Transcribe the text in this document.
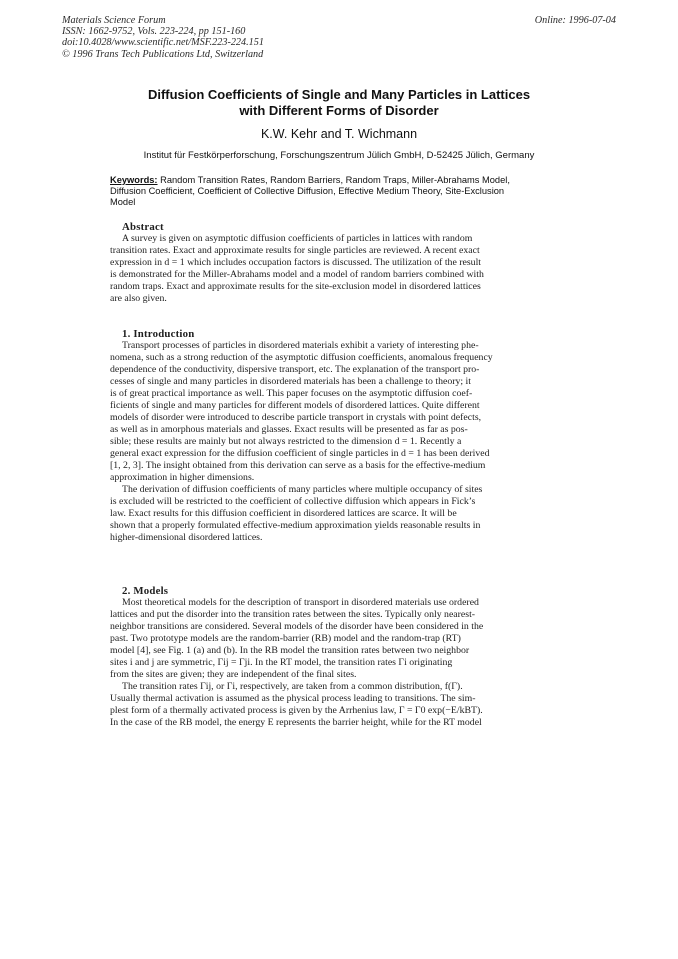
Materials Science Forum
ISSN: 1662-9752, Vols. 223-224, pp 151-160
doi:10.4028/www.scientific.net/MSF.223-224.151
© 1996 Trans Tech Publications Ltd, Switzerland
Online: 1996-07-04
Diffusion Coefficients of Single and Many Particles in Lattices
with Different Forms of Disorder
K.W. Kehr and T. Wichmann
Institut für Festkörperforschung, Forschungszentrum Jülich GmbH, D-52425 Jülich, Germany
Keywords: Random Transition Rates, Random Barriers, Random Traps, Miller-Abrahams Model,
Diffusion Coefficient, Coefficient of Collective Diffusion, Effective Medium Theory, Site-Exclusion
Model
Abstract
A survey is given on asymptotic diffusion coefficients of particles in lattices with random
transition rates. Exact and approximate results for single particles are reviewed. A recent exact
expression in d = 1 which includes occupation factors is discussed. The utilization of the result
is demonstrated for the Miller-Abrahams model and a model of random barriers combined with
random traps. Exact and approximate results for the site-exclusion model in disordered lattices
are also given.
1. Introduction
Transport processes of particles in disordered materials exhibit a variety of interesting phe-
nomena, such as a strong reduction of the asymptotic diffusion coefficients, anomalous frequency
dependence of the conductivity, dispersive transport, etc. The explanation of the transport pro-
cesses of single and many particles in disordered materials has been a challenge to theory; it
is of great practical importance as well. This paper focuses on the asymptotic diffusion coef-
ficients of single and many particles for different models of disordered lattices. Quite different
models of disorder were introduced to describe particle transport in crystals with point defects,
as well as in amorphous materials and glasses. Exact results will be presented as far as pos-
sible; these results are mainly but not always restricted to the dimension d = 1. Recently a
general exact expression for the diffusion coefficient of single particles in d = 1 has been derived
[1, 2, 3]. The insight obtained from this derivation can serve as a basis for the effective-medium
approximation in higher dimensions.
The derivation of diffusion coefficients of many particles where multiple occupancy of sites
is excluded will be restricted to the coefficient of collective diffusion which appears in Fick’s
law. Exact results for this diffusion coefficient in disordered lattices are scarce. It will be
shown that a properly formulated effective-medium approximation yields reasonable results in
higher-dimensional disordered lattices.
2. Models
Most theoretical models for the description of transport in disordered materials use ordered
lattices and put the disorder into the transition rates between the sites. Typically only nearest-
neighbor transitions are considered. Several models of the disorder have been considered in the
past. Two prototype models are the random-barrier (RB) model and the random-trap (RT)
model [4], see Fig. 1 (a) and (b). In the RB model the transition rates between two neighbor
sites i and j are symmetric, Γij = Γji. In the RT model, the transition rates Γi originating
from the sites are given; they are independent of the final sites.
The transition rates Γij, or Γi, respectively, are taken from a common distribution, f(Γ).
Usually thermal activation is assumed as the physical process leading to transitions. The sim-
plest form of a thermally activated process is given by the Arrhenius law, Γ = Γ0 exp(−E/kBT).
In the case of the RB model, the energy E represents the barrier height, while for the RT model
